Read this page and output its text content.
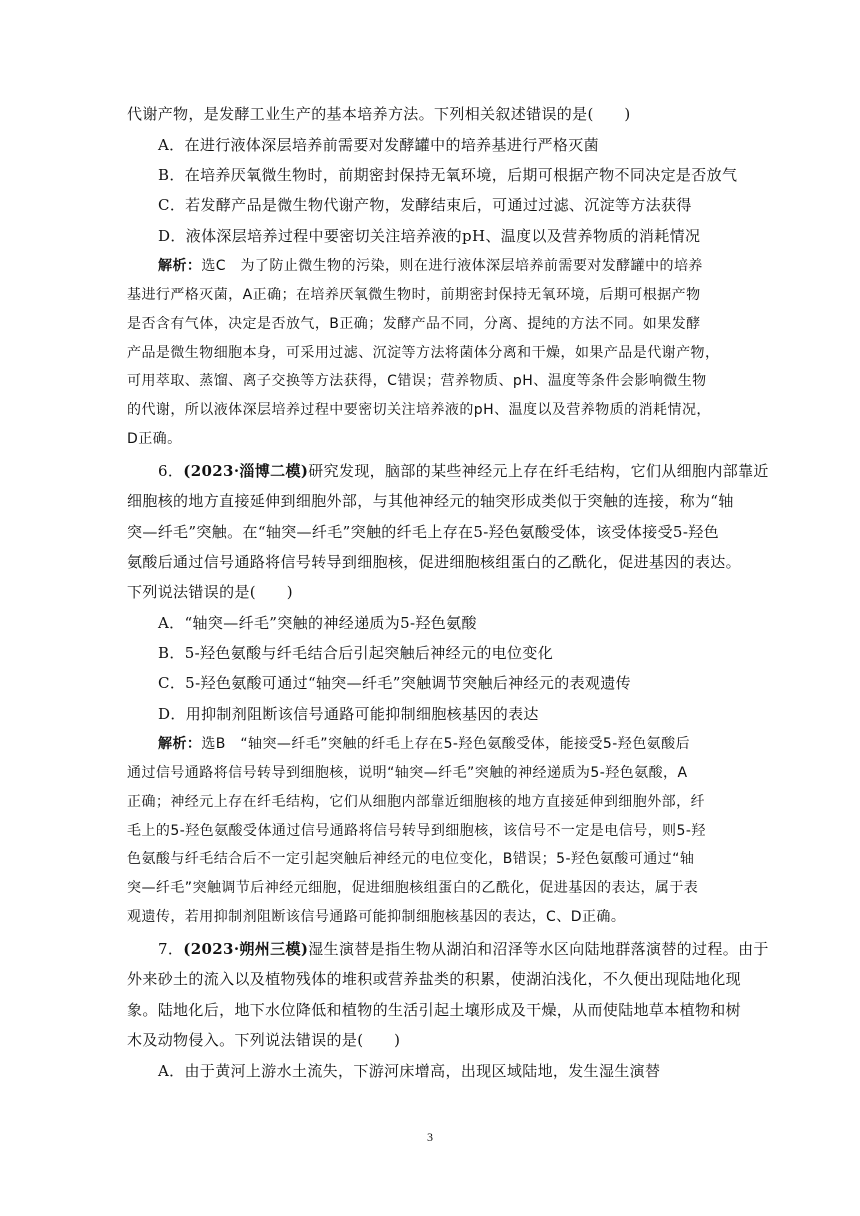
代谢产物，是发酵工业生产的基本培养方法。下列相关叙述错误的是(　　)
A．在进行液体深层培养前需要对发酵罐中的培养基进行严格灭菌
B．在培养厌氧微生物时，前期密封保持无氧环境，后期可根据产物不同决定是否放气
C．若发酵产品是微生物代谢产物，发酵结束后，可通过过滤、沉淀等方法获得
D．液体深层培养过程中要密切关注培养液的pH、温度以及营养物质的消耗情况
解析：选C　为了防止微生物的污染，则在进行液体深层培养前需要对发酵罐中的培养
基进行严格灭菌，A正确；在培养厌氧微生物时，前期密封保持无氧环境，后期可根据产物
是否含有气体，决定是否放气，B正确；发酵产品不同，分离、提纯的方法不同。如果发酵
产品是微生物细胞本身，可采用过滤、沉淀等方法将菌体分离和干燥，如果产品是代谢产物，
可用萃取、蒸馏、离子交换等方法获得，C错误；营养物质、pH、温度等条件会影响微生物
的代谢，所以液体深层培养过程中要密切关注培养液的pH、温度以及营养物质的消耗情况，
D正确。
6．(2023·淄博二模)研究发现，脑部的某些神经元上存在纤毛结构，它们从细胞内部靠近
细胞核的地方直接延伸到细胞外部，与其他神经元的轴突形成类似于突触的连接，称为“轴
突—纤毛”突触。在“轴突—纤毛”突触的纤毛上存在5-羟色氨酸受体，该受体接受5-羟色
氨酸后通过信号通路将信号转导到细胞核，促进细胞核组蛋白的乙酰化，促进基因的表达。
下列说法错误的是(　　)
A．“轴突—纤毛”突触的神经递质为5-羟色氨酸
B．5-羟色氨酸与纤毛结合后引起突触后神经元的电位变化
C．5-羟色氨酸可通过“轴突—纤毛”突触调节突触后神经元的表观遗传
D．用抑制剂阻断该信号通路可能抑制细胞核基因的表达
解析：选B　“轴突—纤毛”突触的纤毛上存在5-羟色氨酸受体，能接受5-羟色氨酸后
通过信号通路将信号转导到细胞核，说明“轴突—纤毛”突触的神经递质为5-羟色氨酸，A
正确；神经元上存在纤毛结构，它们从细胞内部靠近细胞核的地方直接延伸到细胞外部，纤
毛上的5-羟色氨酸受体通过信号通路将信号转导到细胞核，该信号不一定是电信号，则5-羟
色氨酸与纤毛结合后不一定引起突触后神经元的电位变化，B错误；5-羟色氨酸可通过“轴
突—纤毛”突触调节后神经元细胞，促进细胞核组蛋白的乙酰化，促进基因的表达，属于表
观遗传，若用抑制剂阻断该信号通路可能抑制细胞核基因的表达，C、D正确。
7．(2023·朔州三模)湿生演替是指生物从湖泊和沼泽等水区向陆地群落演替的过程。由于
外来砂土的流入以及植物残体的堆积或营养盐类的积累，使湖泊浅化，不久便出现陆地化现
象。陆地化后，地下水位降低和植物的生活引起土壤形成及干燥，从而使陆地草本植物和树
木及动物侵入。下列说法错误的是(　　)
A．由于黄河上游水土流失，下游河床增高，出现区域陆地，发生湿生演替
3
